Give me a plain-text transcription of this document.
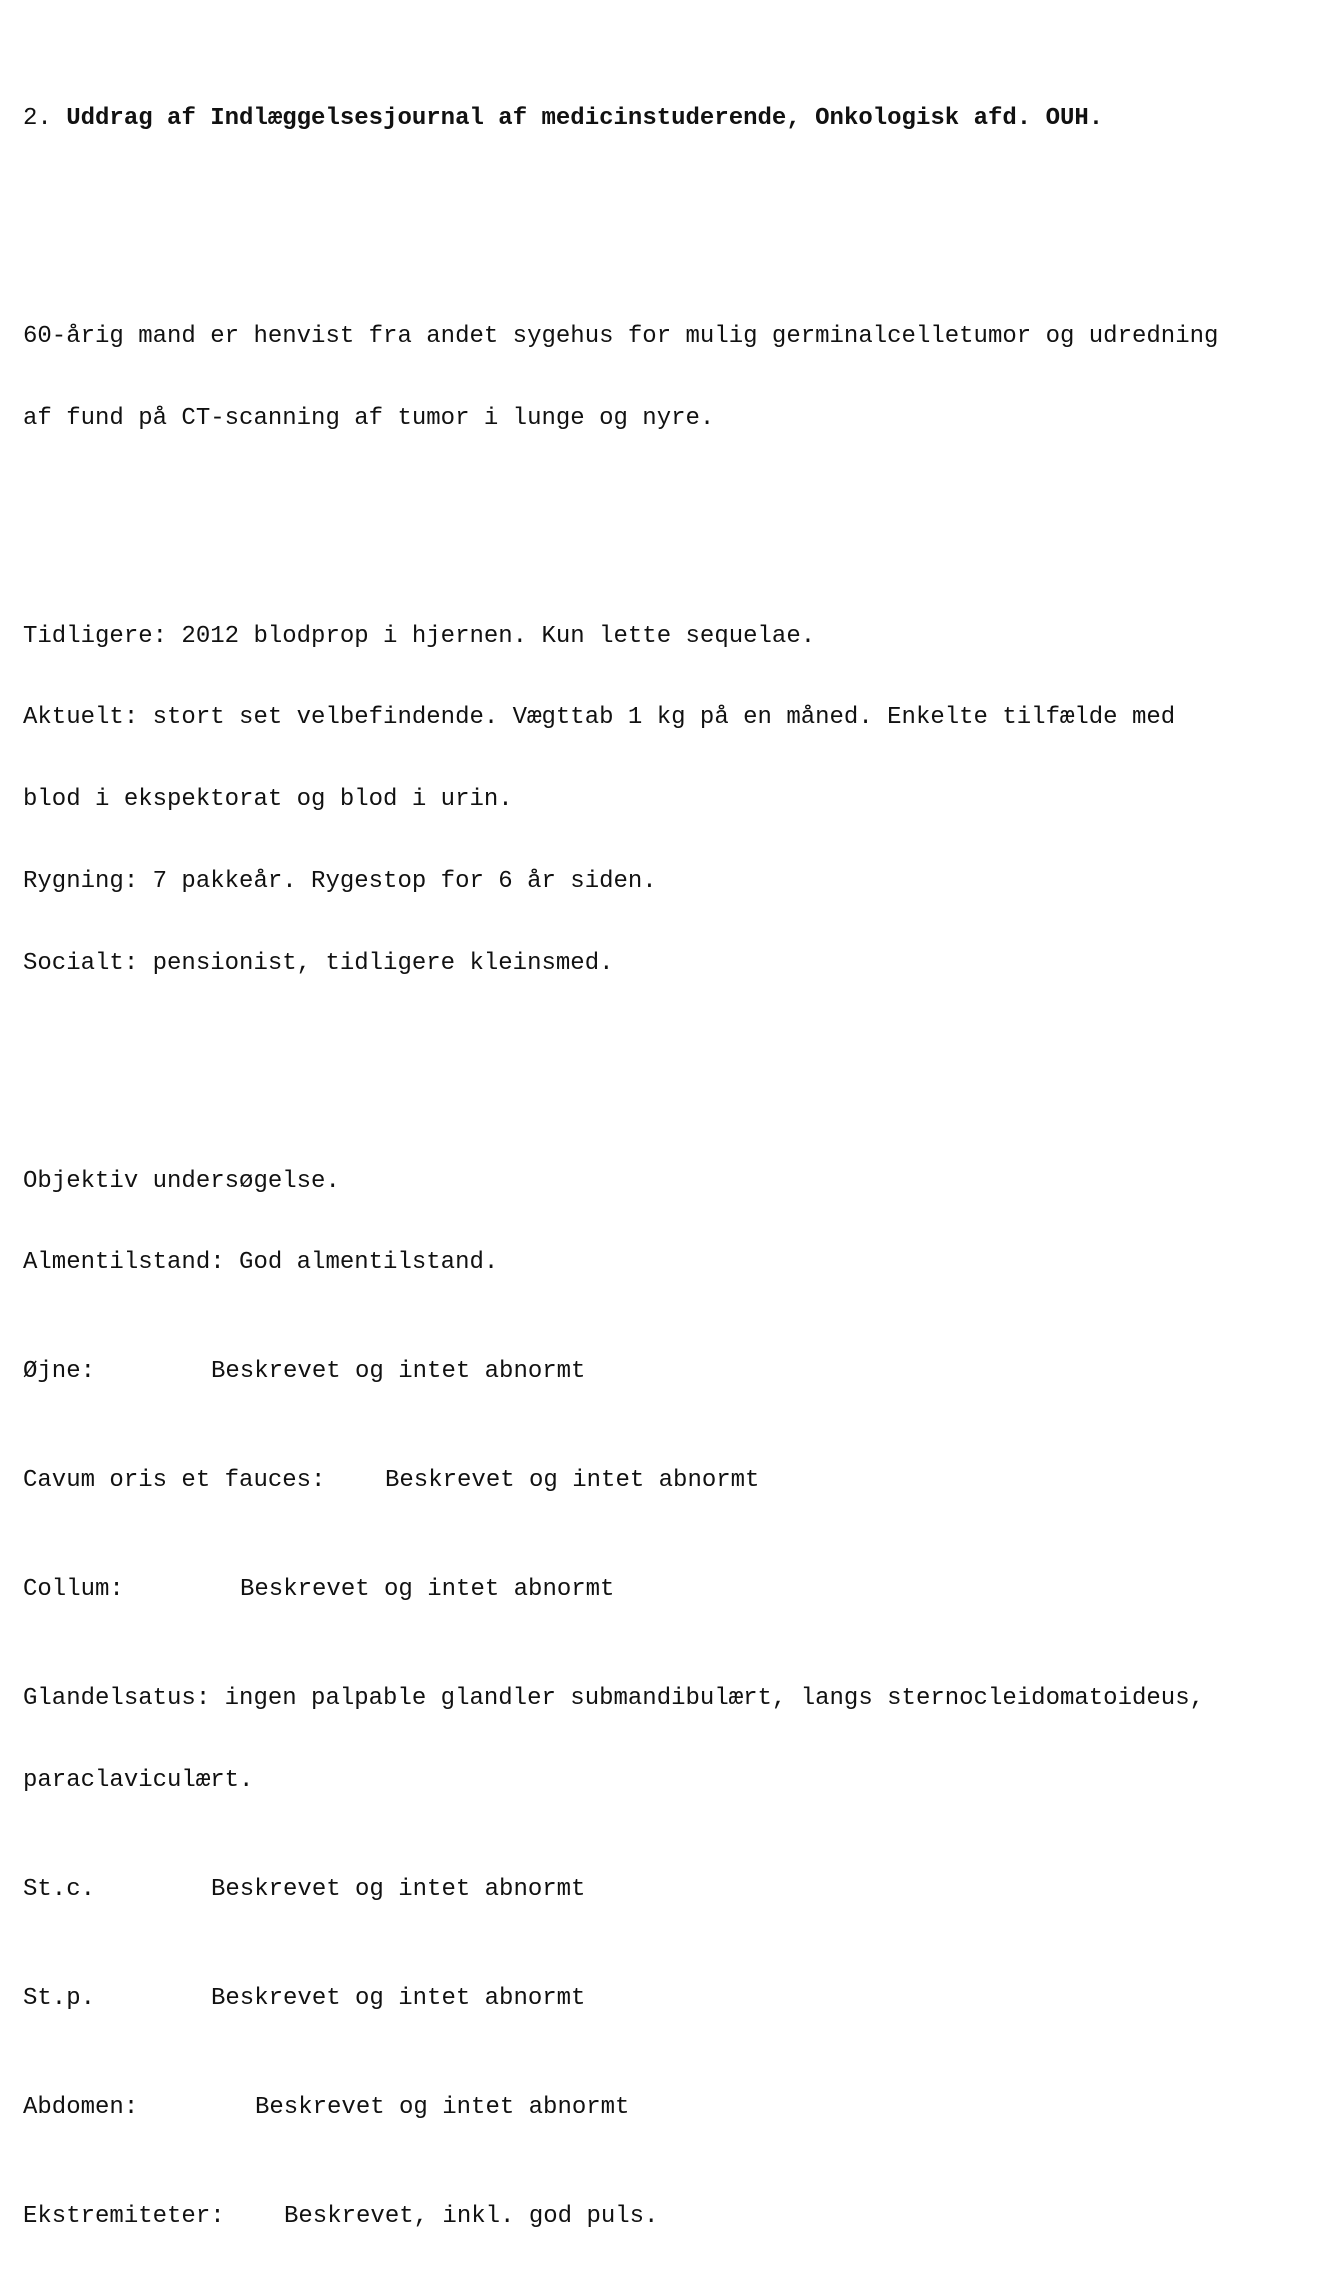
2. Uddrag af Indlæggelsesjournal af medicinstuderende, Onkologisk afd. OUH.

60-årig mand er henvist fra andet sygehus for mulig germinalcelletumor og udredning

af fund på CT-scanning af tumor i lunge og nyre.

Tidligere: 2012 blodprop i hjernen. Kun lette sequelae.

Aktuelt: stort set velbefindende. Vægttab 1 kg på en måned. Enkelte tilfælde med

blod i ekspektorat og blod i urin.

Rygning: 7 pakkeår. Rygestop for 6 år siden.

Socialt: pensionist, tidligere kleinsmed.

Objektiv undersøgelse.

Almentilstand: God almentilstand.

Øjne:	Beskrevet og intet abnormt

Cavum oris et fauces: Beskrevet og intet abnormt

Collum:	Beskrevet og intet abnormt

Glandelsatus: ingen palpable glandler submandibulært, langs sternocleidomatoideus,

paraclaviculært.

St.c.	Beskrevet og intet abnormt

St.p.	Beskrevet og intet abnormt

Abdomen:	Beskrevet og intet abnormt

Ekstremiteter: Beskrevet, inkl. god puls.
